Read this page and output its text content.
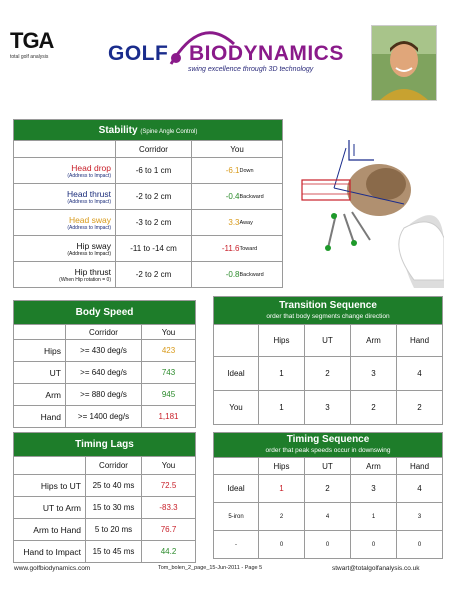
TGA
total golf analysis	GOLF BIODYNAMICS
swing excellence through 3D technology
Stability (Spine Angle Control)			
	Corridor	You	
Head drop
(Address to Impact)	-6 to 1 cm	-6.1	Down
Head thrust
(Address to Impact)	-2 to 2 cm	-0.4	Backward
Head sway
(Address to Impact)	-3 to 2 cm	3.3	Away
Hip sway
(Address to Impact)	-11 to -14 cm	-11.6	Toward
Hip thrust
(When Hip rotation = 0)	-2 to 2 cm	-0.8	Backward
Body Speed		
	Corridor	You
Hips	>= 430 deg/s	423
UT	>= 640 deg/s	743
Arm	>= 880 deg/s	945
Hand	>= 1400 deg/s	1,181
Transition Sequence
order that body segments change direction				

	Hips	UT	Arm	Hand
Ideal	1	2	3	4
You	1	3	2	2
Timing Lags		
	Corridor	You
Hips to UT	25 to 40 ms	72.5
UT to Arm	15 to 30 ms	-83.3
Arm to Hand	5 to 20 ms	76.7
Hand to Impact	15 to 45 ms	44.2
Timing Sequence
order that peak speeds occur in downswing				

	Hips	UT	Arm	Hand
Ideal	1	2	3	4
5-iron	2	4	1	3
-	0	0	0	0
www.golfbiodynamics.com	Tom_bolen_2_page_15-Jun-2011 - Page 5	stwart@totalgolfanalysis.co.uk
